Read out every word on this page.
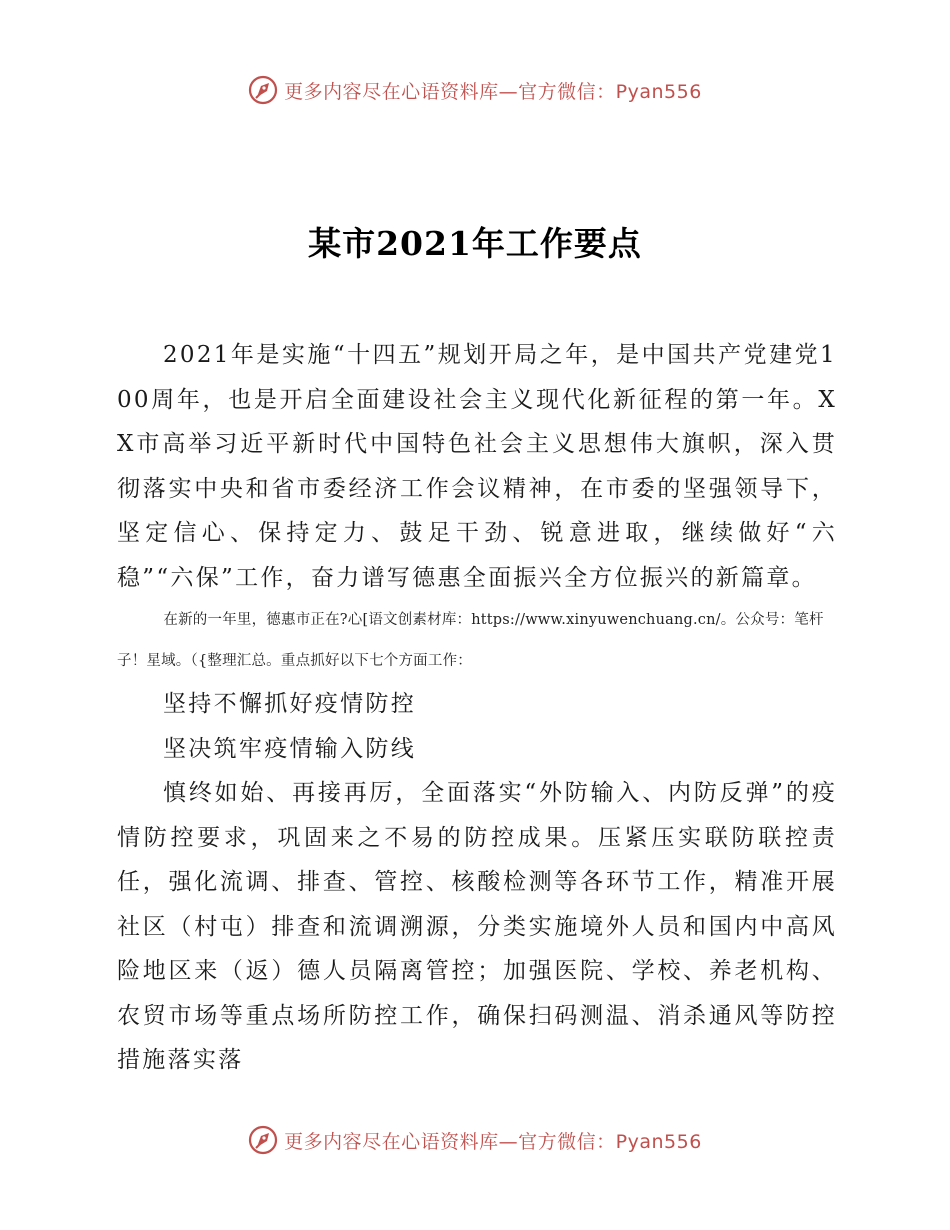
更多内容尽在心语资料库—官方微信：Pyan556
某市2021年工作要点

2021年是实施“十四五”规划开局之年，是中国共产党建党100周年，也是开启全面建设社会主义现代化新征程的第一年。XX市高举习近平新时代中国特色社会主义思想伟大旗帜，深入贯彻落实中央和省市委经济工作会议精神，在市委的坚强领导下，坚定信心、保持定力、鼓足干劲、锐意进取，继续做好“六稳”“六保”工作，奋力谱写德惠全面振兴全方位振兴的新篇章。

在新的一年里，德惠市正在?心[语文创素材库：https://www.xinyuwenchuang.cn/。公众号：笔杆子！星域。（{整理汇总。重点抓好以下七个方面工作：

坚持不懈抓好疫情防控

坚决筑牢疫情输入防线

慎终如始、再接再厉，全面落实“外防输入、内防反弹”的疫情防控要求，巩固来之不易的防控成果。压紧压实联防联控责任，强化流调、排查、管控、核酸检测等各环节工作，精准开展社区（村屯）排查和流调溯源，分类实施境外人员和国内中高风险地区来（返）德人员隔离管控；加强医院、学校、养老机构、农贸市场等重点场所防控工作，确保扫码测温、消杀通风等防控措施落实落

更多内容尽在心语资料库—官方微信：Pyan556
